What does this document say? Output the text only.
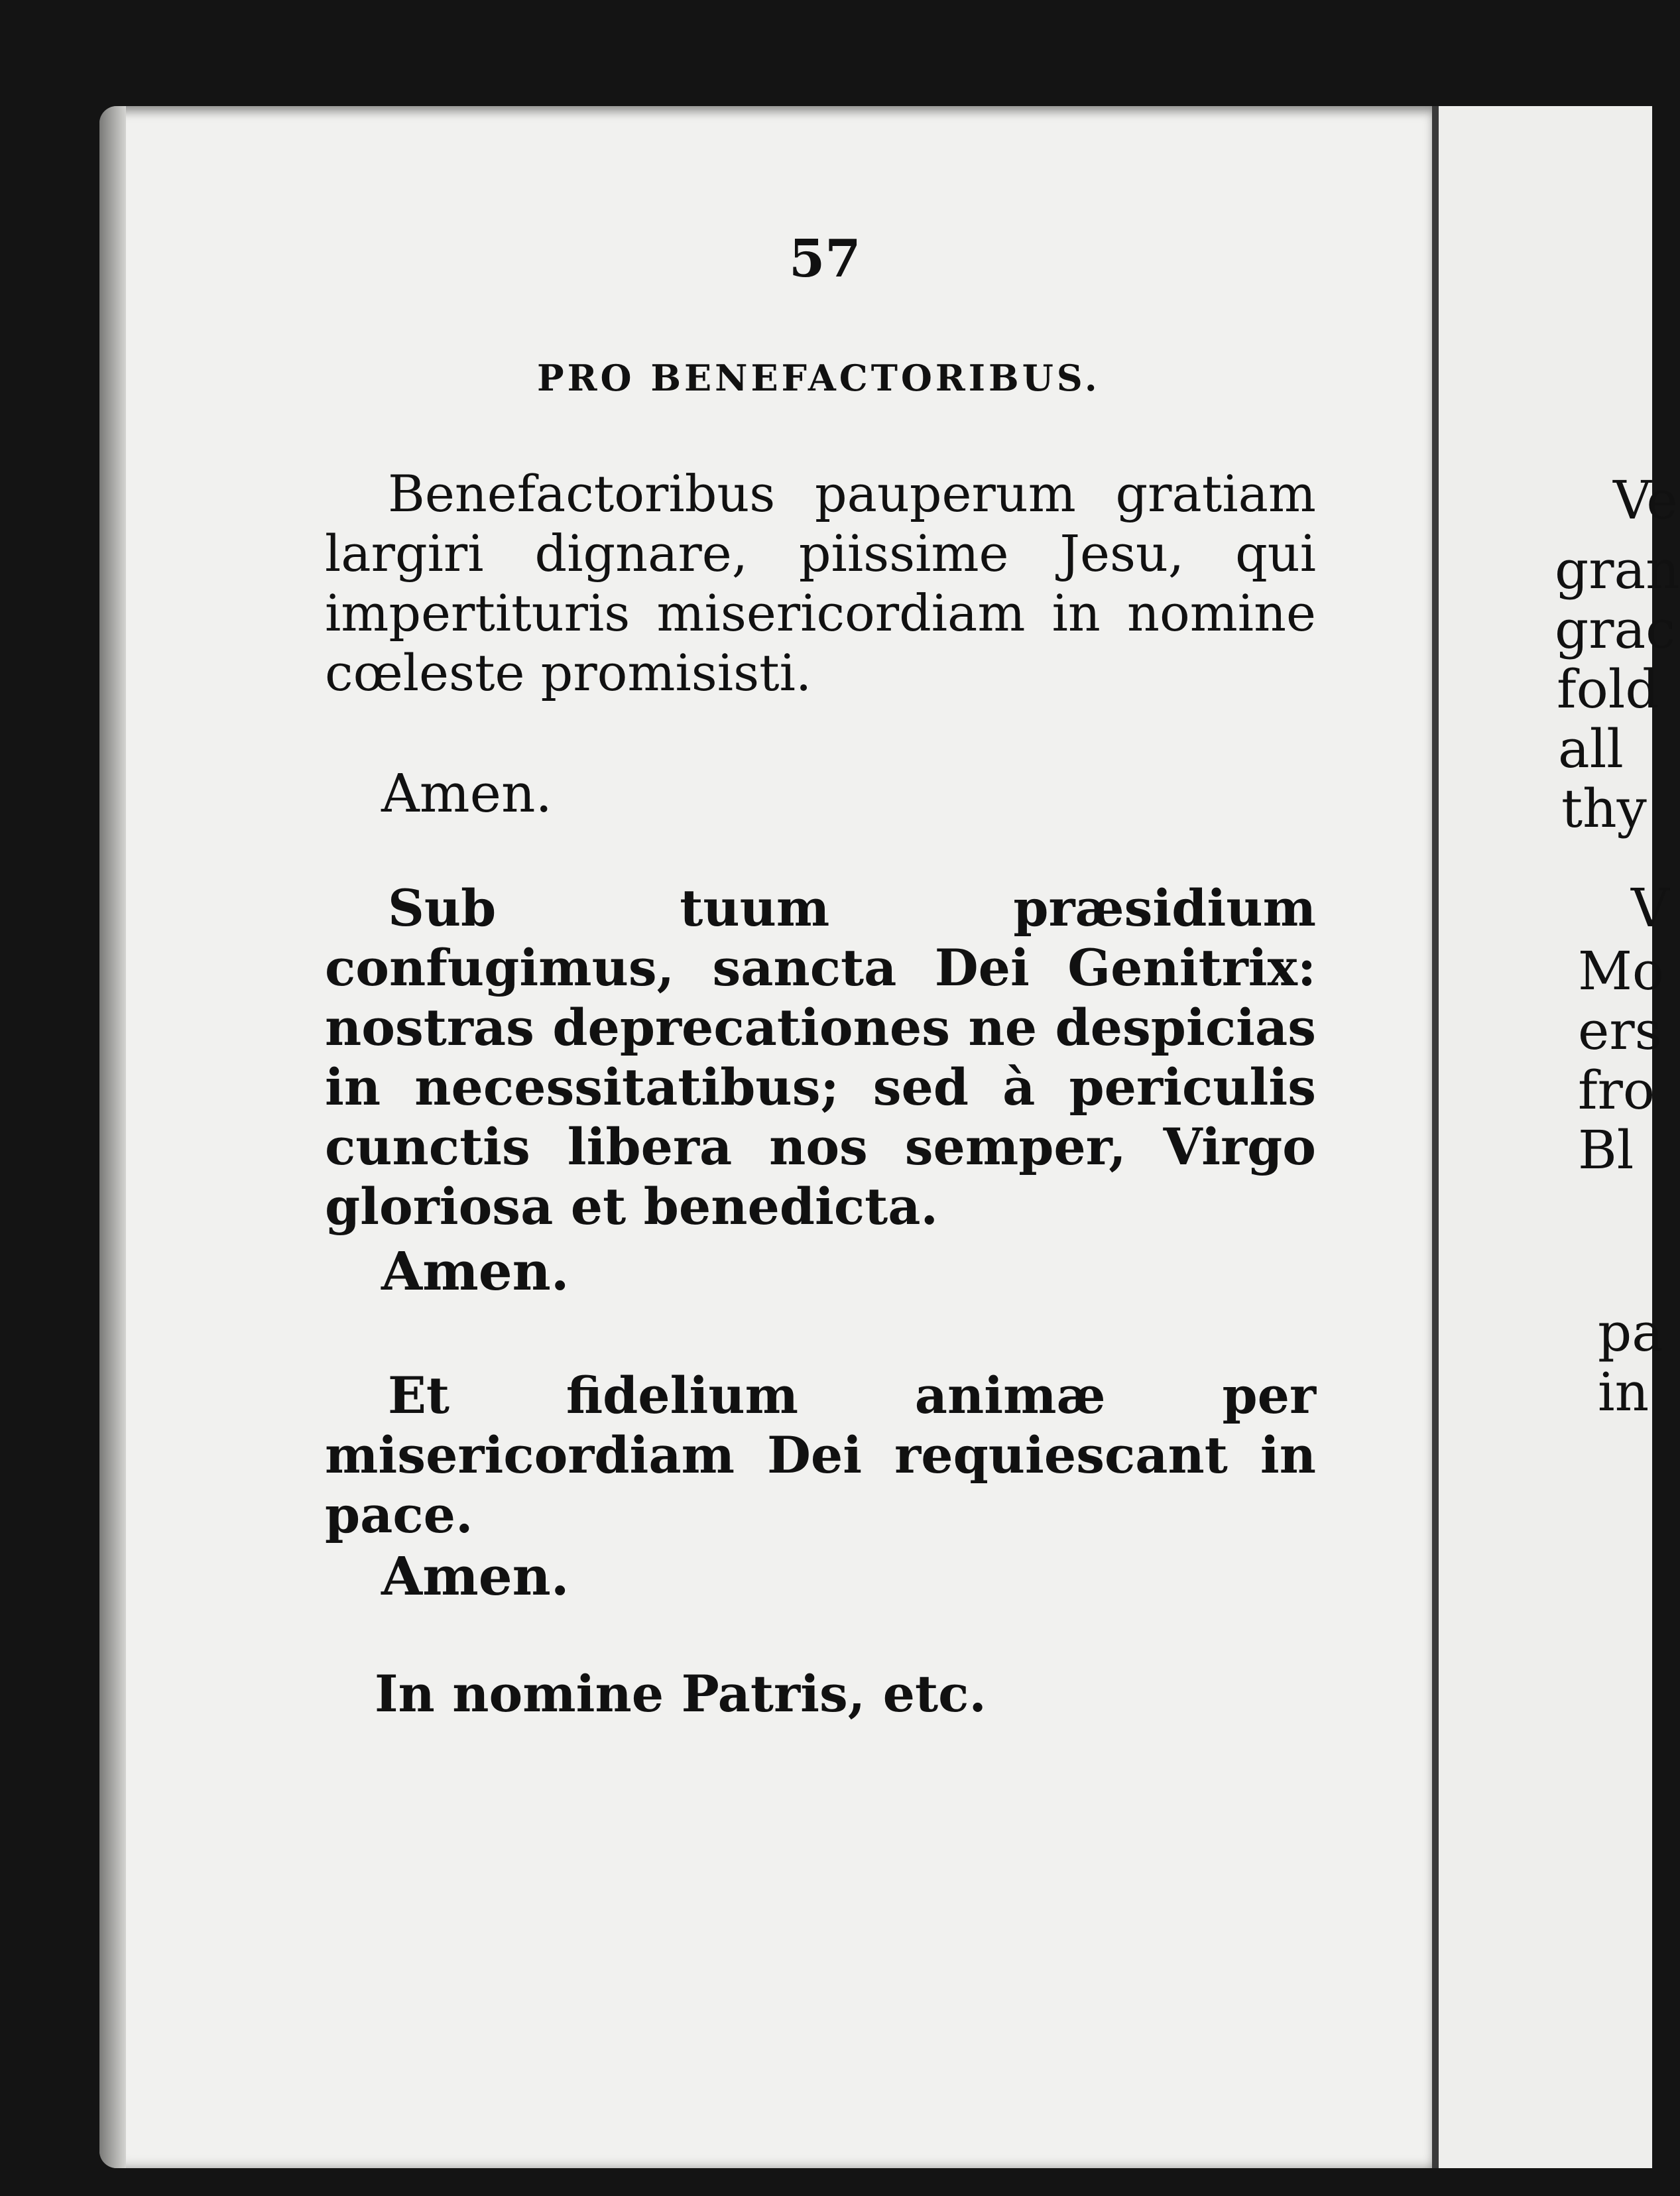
57
PRO BENEFACTORIBUS.

Benefactoribus pauperum gratiam largiri dignare, piissime Jesu, qui impertituris misericordiam in nomine cœleste promisisti.

Amen.

Sub tuum præsidium confugimus, sancta Dei Genitrix: nostras deprecationes ne despicias in necessitatibus; sed à periculis cunctis libera nos semper, Virgo gloriosa et benedicta.

Amen.

Et fidelium animæ per misericordiam Dei requiescant in pace.

Amen.
In nomine Patris, etc.
Ve
gran
grac
fold
all
thy
V
Mo
ers
fro
Bl
pa
in
